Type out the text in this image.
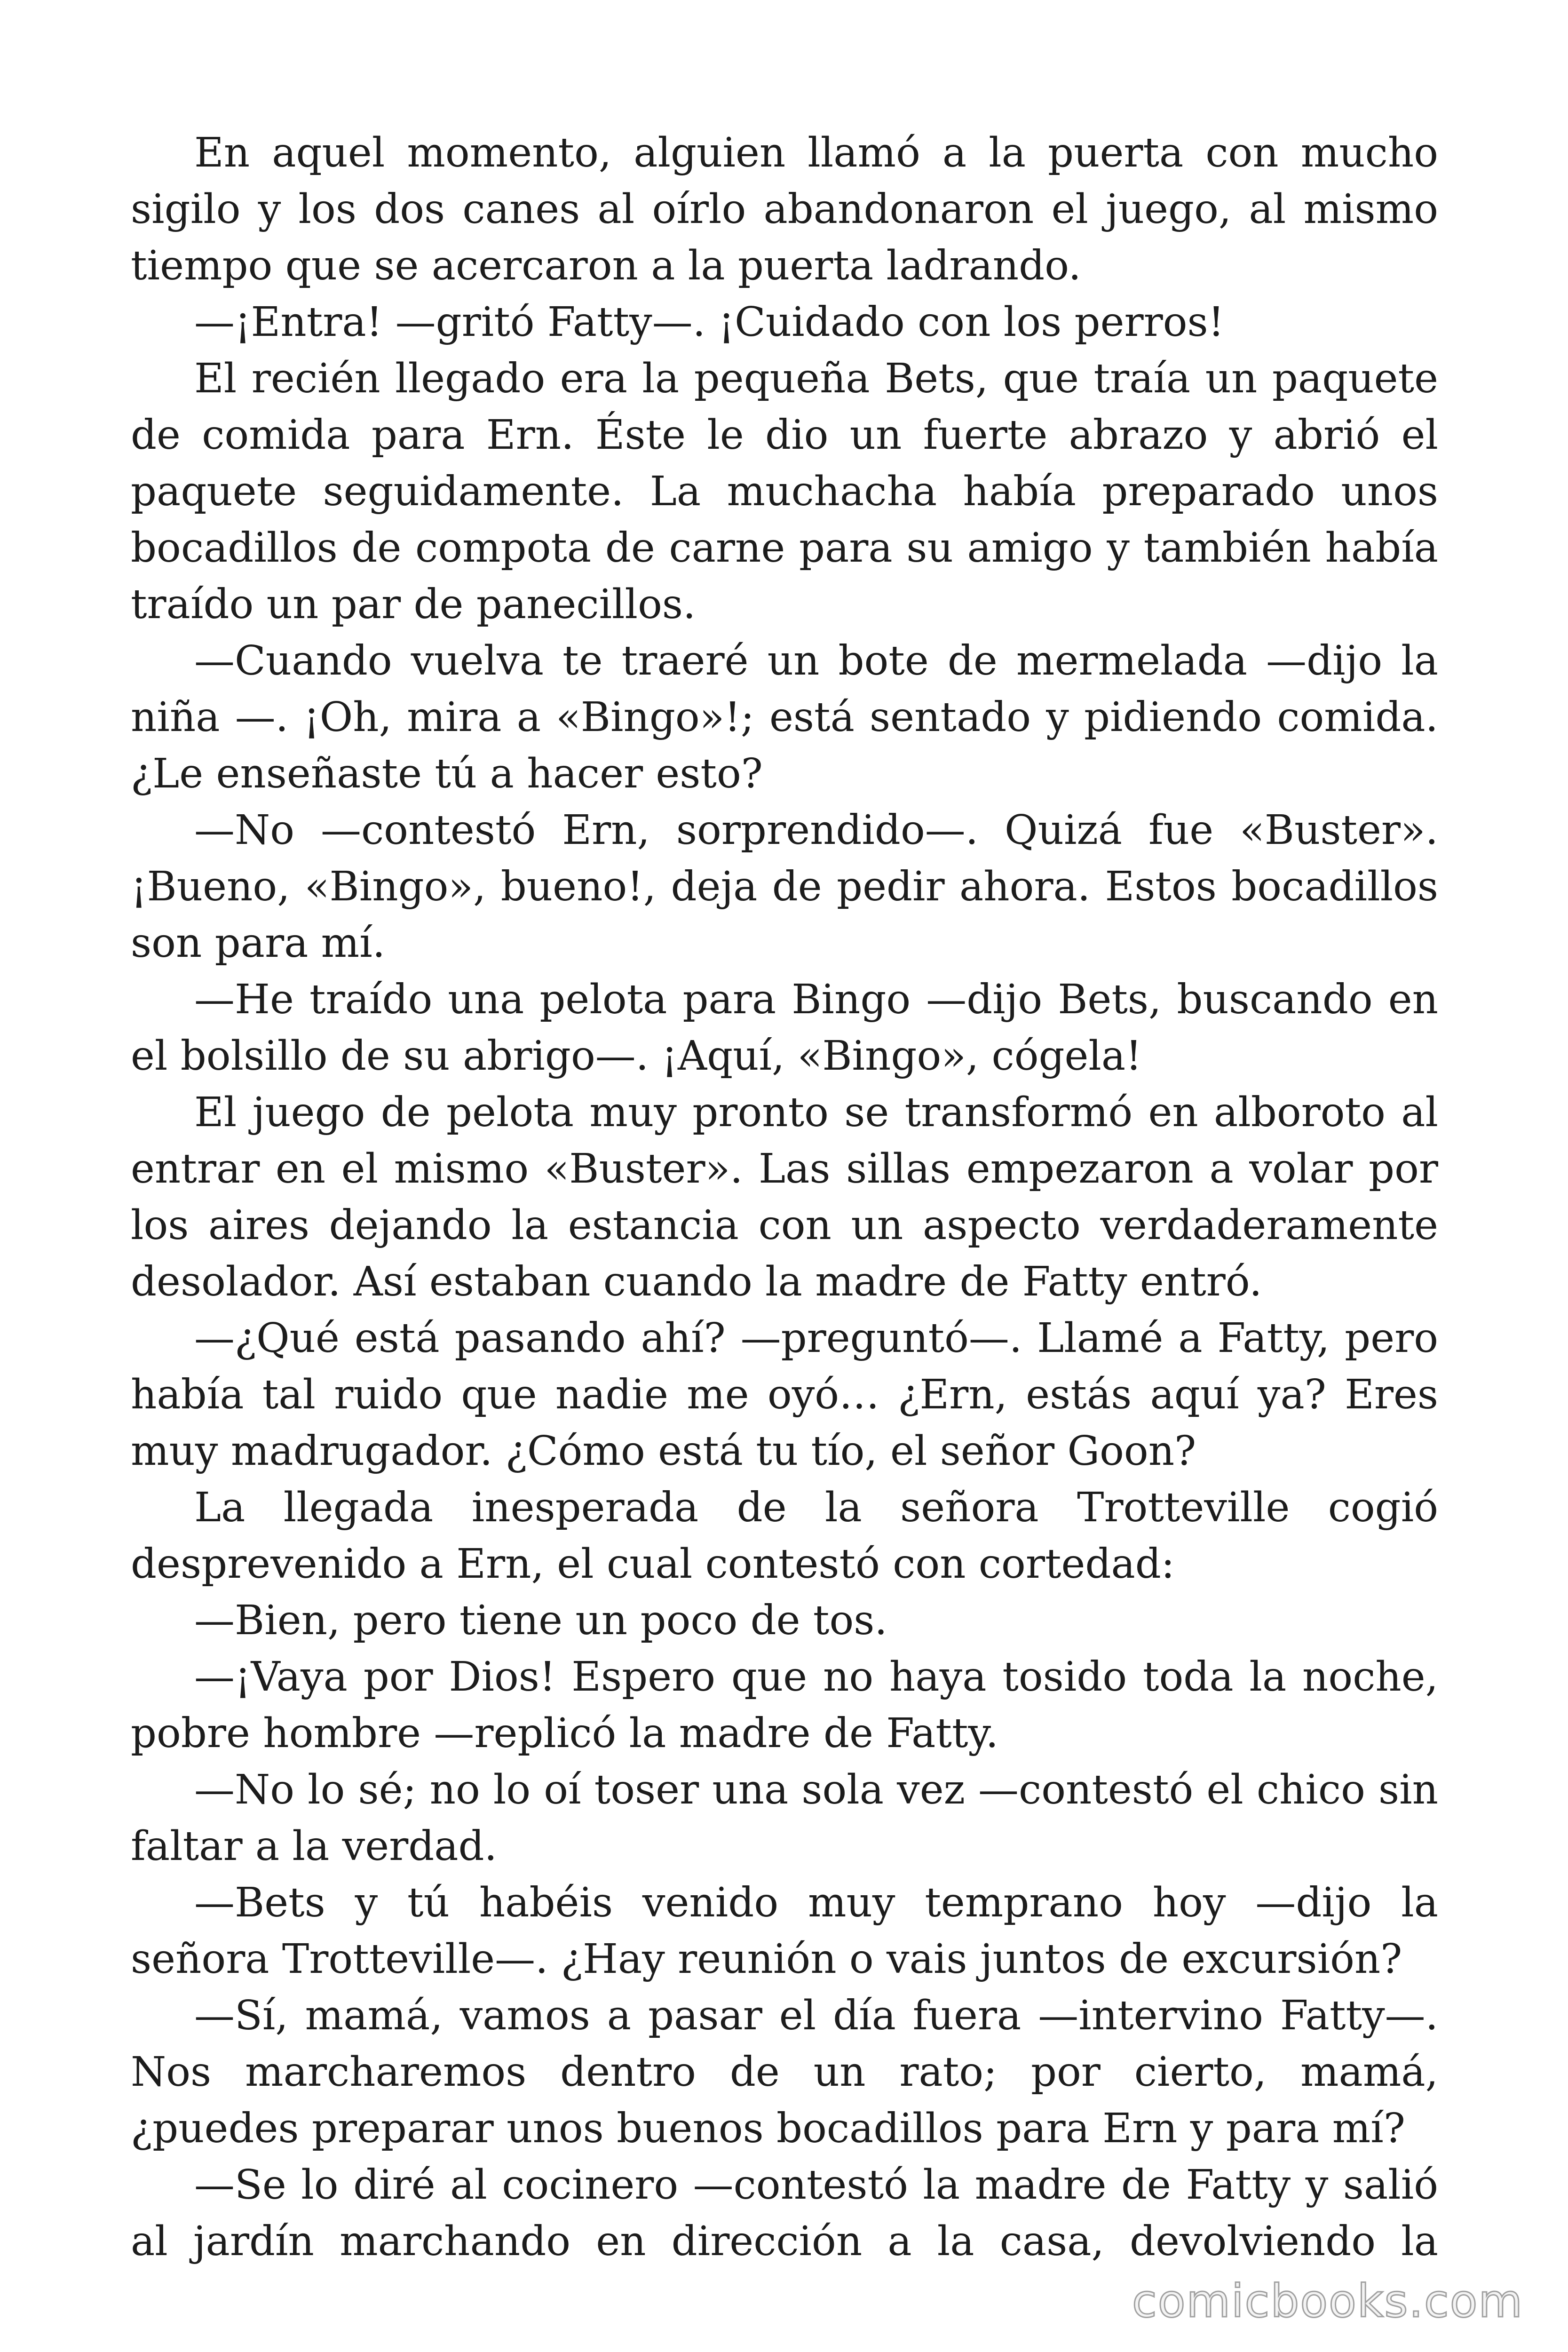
En aquel momento, alguien llamó a la puerta con mucho sigilo y los dos canes al oírlo abandonaron el juego, al mismo tiempo que se acercaron a la puerta ladrando.

—¡Entra! —gritó Fatty—. ¡Cuidado con los perros!

El recién llegado era la pequeña Bets, que traía un paquete de comida para Ern. Éste le dio un fuerte abrazo y abrió el paquete seguidamente. La muchacha había preparado unos bocadillos de compota de carne para su amigo y también había traído un par de panecillos.

—Cuando vuelva te traeré un bote de mermelada —dijo la niña —. ¡Oh, mira a «Bingo»!; está sentado y pidiendo comida. ¿Le enseñaste tú a hacer esto?

—No —contestó Ern, sorprendido—. Quizá fue «Buster». ¡Bueno, «Bingo», bueno!, deja de pedir ahora. Estos bocadillos son para mí.

—He traído una pelota para Bingo —dijo Bets, buscando en el bolsillo de su abrigo—. ¡Aquí, «Bingo», cógela!

El juego de pelota muy pronto se transformó en alboroto al entrar en el mismo «Buster». Las sillas empezaron a volar por los aires dejando la estancia con un aspecto verdaderamente desolador. Así estaban cuando la madre de Fatty entró.

—¿Qué está pasando ahí? —preguntó—. Llamé a Fatty, pero había tal ruido que nadie me oyó… ¿Ern, estás aquí ya? Eres muy madrugador. ¿Cómo está tu tío, el señor Goon?

La llegada inesperada de la señora Trotteville cogió desprevenido a Ern, el cual contestó con cortedad:

—Bien, pero tiene un poco de tos.

—¡Vaya por Dios! Espero que no haya tosido toda la noche, pobre hombre —replicó la madre de Fatty.

—No lo sé; no lo oí toser una sola vez —contestó el chico sin faltar a la verdad.

—Bets y tú habéis venido muy temprano hoy —dijo la señora Trotteville—. ¿Hay reunión o vais juntos de excursión?

—Sí, mamá, vamos a pasar el día fuera —intervino Fatty—. Nos marcharemos dentro de un rato; por cierto, mamá, ¿puedes preparar unos buenos bocadillos para Ern y para mí?

—Se lo diré al cocinero —contestó la madre de Fatty y salió al jardín marchando en dirección a la casa, devolviendo la

comicbooks.com
